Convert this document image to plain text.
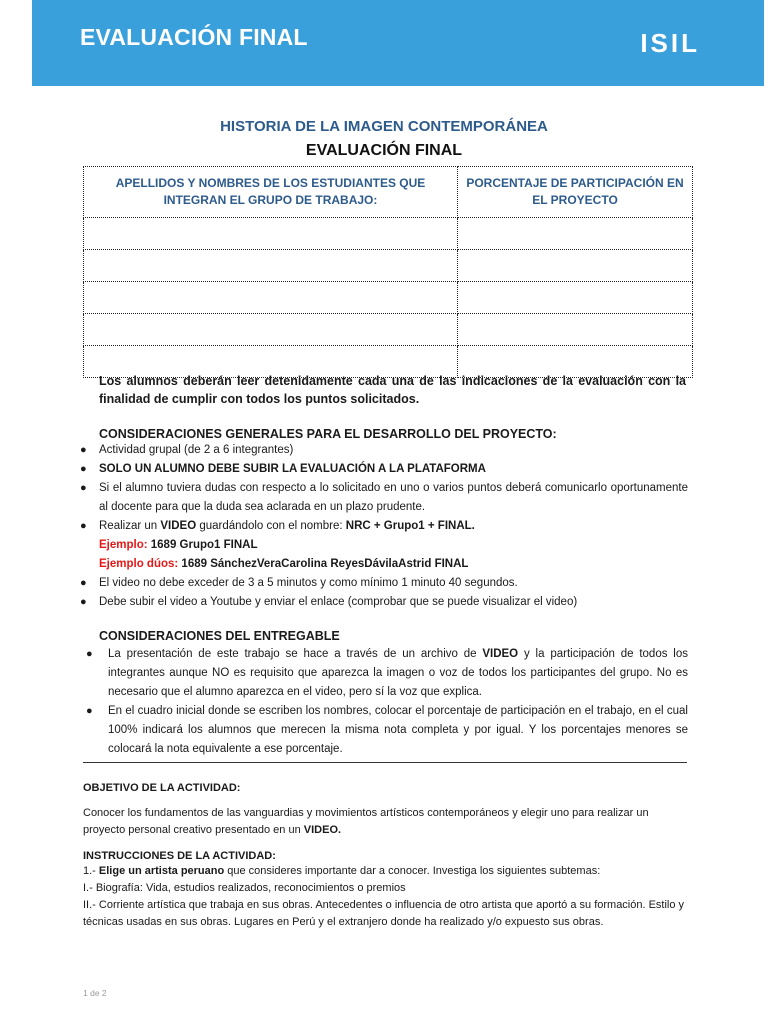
EVALUACIÓN FINAL	ISIL
HISTORIA DE LA IMAGEN CONTEMPORÁNEA
EVALUACIÓN FINAL
APELLIDOS Y NOMBRES DE LOS ESTUDIANTES QUE INTEGRAN EL GRUPO DE TRABAJO:	PORCENTAJE DE PARTICIPACIÓN EN EL PROYECTO

Los alumnos deberán leer detenidamente cada una de las indicaciones de la evaluación con la finalidad de cumplir con todos los puntos solicitados.
CONSIDERACIONES GENERALES PARA EL DESARROLLO DEL PROYECTO:
● Actividad grupal (de 2 a 6 integrantes)
● SOLO UN ALUMNO DEBE SUBIR LA EVALUACIÓN A LA PLATAFORMA
● Si el alumno tuviera dudas con respecto a lo solicitado en uno o varios puntos deberá comunicarlo oportunamente al docente para que la duda sea aclarada en un plazo prudente.
● Realizar un VIDEO guardándolo con el nombre: NRC + Grupo1 + FINAL.
Ejemplo: 1689 Grupo1 FINAL
Ejemplo dúos: 1689 SánchezVeraCarolina ReyesDávilaAstrid FINAL
● El video no debe exceder de 3 a 5 minutos y como mínimo 1 minuto 40 segundos.
● Debe subir el video a Youtube y enviar el enlace (comprobar que se puede visualizar el video)
CONSIDERACIONES DEL ENTREGABLE
● La presentación de este trabajo se hace a través de un archivo de VIDEO y la participación de todos los integrantes aunque NO es requisito que aparezca la imagen o voz de todos los participantes del grupo. No es necesario que el alumno aparezca en el video, pero sí la voz que explica.
● En el cuadro inicial donde se escriben los nombres, colocar el porcentaje de participación en el trabajo, en el cual 100% indicará los alumnos que merecen la misma nota completa y por igual. Y los porcentajes menores se colocará la nota equivalente a ese porcentaje.
OBJETIVO DE LA ACTIVIDAD:
Conocer los fundamentos de las vanguardias y movimientos artísticos contemporáneos y elegir uno para realizar un proyecto personal creativo presentado en un VIDEO.
INSTRUCCIONES DE LA ACTIVIDAD:
1.- Elige un artista peruano que consideres importante dar a conocer. Investiga los siguientes subtemas:
I.- Biografía: Vida, estudios realizados, reconocimientos o premios
II.- Corriente artística que trabaja en sus obras. Antecedentes o influencia de otro artista que aportó a su formación. Estilo y técnicas usadas en sus obras. Lugares en Perú y el extranjero donde ha realizado y/o expuesto sus obras.
1 de 2
